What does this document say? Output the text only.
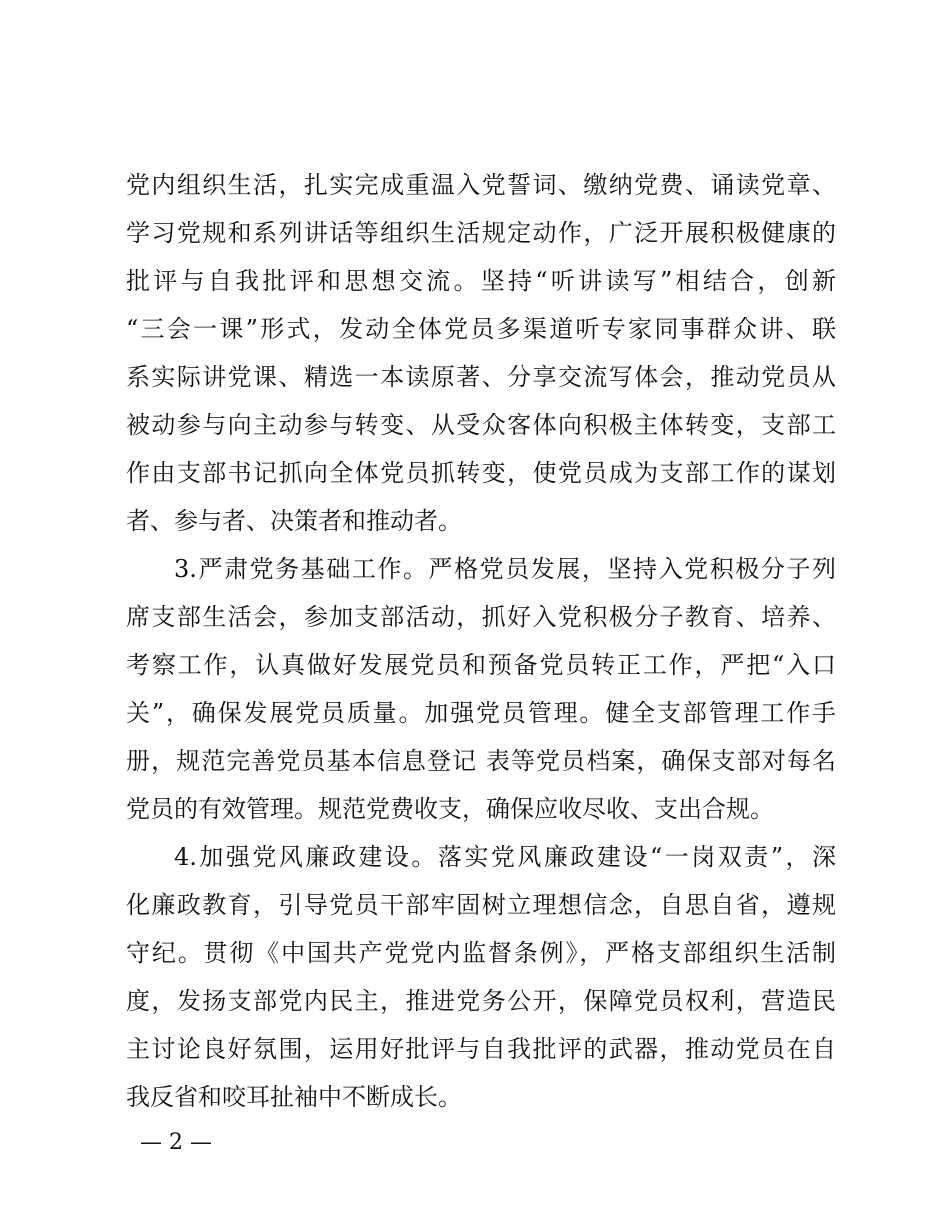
党内组织生活，扎实完成重温入党誓词、缴纳党费、诵读党章、
学习党规和系列讲话等组织生活规定动作，广泛开展积极健康的
批评与自我批评和思想交流。坚持“听讲读写”相结合，创新
“三会一课”形式，发动全体党员多渠道听专家同事群众讲、联
系实际讲党课、精选一本读原著、分享交流写体会，推动党员从
被动参与向主动参与转变、从受众客体向积极主体转变，支部工
作由支部书记抓向全体党员抓转变，使党员成为支部工作的谋划
者、参与者、决策者和推动者。
3.严肃党务基础工作。严格党员发展，坚持入党积极分子列
席支部生活会，参加支部活动，抓好入党积极分子教育、培养、
考察工作，认真做好发展党员和预备党员转正工作，严把“入口
关”，确保发展党员质量。加强党员管理。健全支部管理工作手
册，规范完善党员基本信息登记 表等党员档案，确保支部对每名
党员的有效管理。规范党费收支，确保应收尽收、支出合规。
4.加强党风廉政建设。落实党风廉政建设“一岗双责”，深
化廉政教育，引导党员干部牢固树立理想信念，自思自省，遵规
守纪。贯彻《中国共产党党内监督条例》，严格支部组织生活制
度，发扬支部党内民主，推进党务公开，保障党员权利，营造民
主讨论良好氛围，运用好批评与自我批评的武器，推动党员在自
我反省和咬耳扯袖中不断成长。
— 2 —
